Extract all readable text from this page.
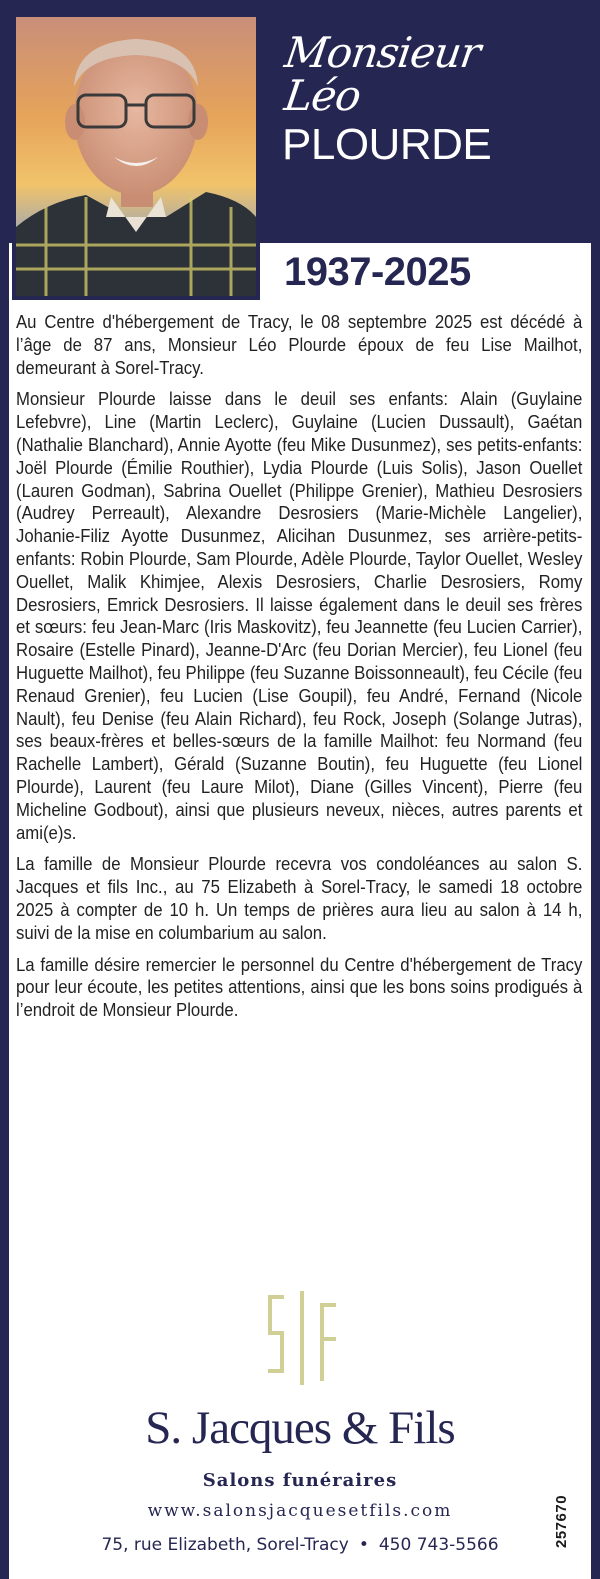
Monsieur
Léo
PLOURDE
1937-2025

Au Centre d'hébergement de Tracy, le 08 septembre 2025 est décédé à l’âge de 87 ans, Monsieur Léo Plourde époux de feu Lise Mailhot, demeurant à Sorel-Tracy.

Monsieur Plourde laisse dans le deuil ses enfants: Alain (Guylaine Lefebvre), Line (Martin Leclerc), Guylaine (Lucien Dussault), Gaétan (Nathalie Blanchard), Annie Ayotte (feu Mike Dusunmez), ses petits-enfants: Joël Plourde (Émilie Routhier), Lydia Plourde (Luis Solis), Jason Ouellet (Lauren Godman), Sabrina Ouellet (Philippe Grenier), Mathieu Desrosiers (Audrey Perreault), Alexandre Desrosiers (Marie-Michèle Langelier), Johanie-Filiz Ayotte Dusunmez, Alicihan Dusunmez, ses arrière-petits-enfants: Robin Plourde, Sam Plourde, Adèle Plourde, Taylor Ouellet, Wesley Ouellet, Malik Khimjee, Alexis Desrosiers, Charlie Desrosiers, Romy Desrosiers, Emrick Desrosiers. Il laisse également dans le deuil ses frères et sœurs: feu Jean-Marc (Iris Maskovitz), feu Jeannette (feu Lucien Carrier), Rosaire (Estelle Pinard), Jeanne-D'Arc (feu Dorian Mercier), feu Lionel (feu Huguette Mailhot), feu Philippe (feu Suzanne Boissonneault), feu Cécile (feu Renaud Grenier), feu Lucien (Lise Goupil), feu André, Fernand (Nicole Nault), feu Denise (feu Alain Richard), feu Rock, Joseph (Solange Jutras), ses beaux-frères et belles-sœurs de la famille Mailhot: feu Normand (feu Rachelle Lambert), Gérald (Suzanne Boutin), feu Huguette (feu Lionel Plourde), Laurent (feu Laure Milot), Diane (Gilles Vincent), Pierre (feu Micheline Godbout), ainsi que plusieurs neveux, nièces, autres parents et ami(e)s.

La famille de Monsieur Plourde recevra vos condoléances au salon S. Jacques et fils Inc., au 75 Elizabeth à Sorel-Tracy, le samedi 18 octobre 2025 à compter de 10 h. Un temps de prières aura lieu au salon à 14 h, suivi de la mise en columbarium au salon.

La famille désire remercier le personnel du Centre d'hébergement de Tracy pour leur écoute, les petites attentions, ainsi que les bons soins prodigués à l’endroit de Monsieur Plourde.

S. Jacques & Fils
Salons funéraires
www.salonsjacquesetfils.com
75, rue Elizabeth, Sorel-Tracy • 450 743-5566	257670
